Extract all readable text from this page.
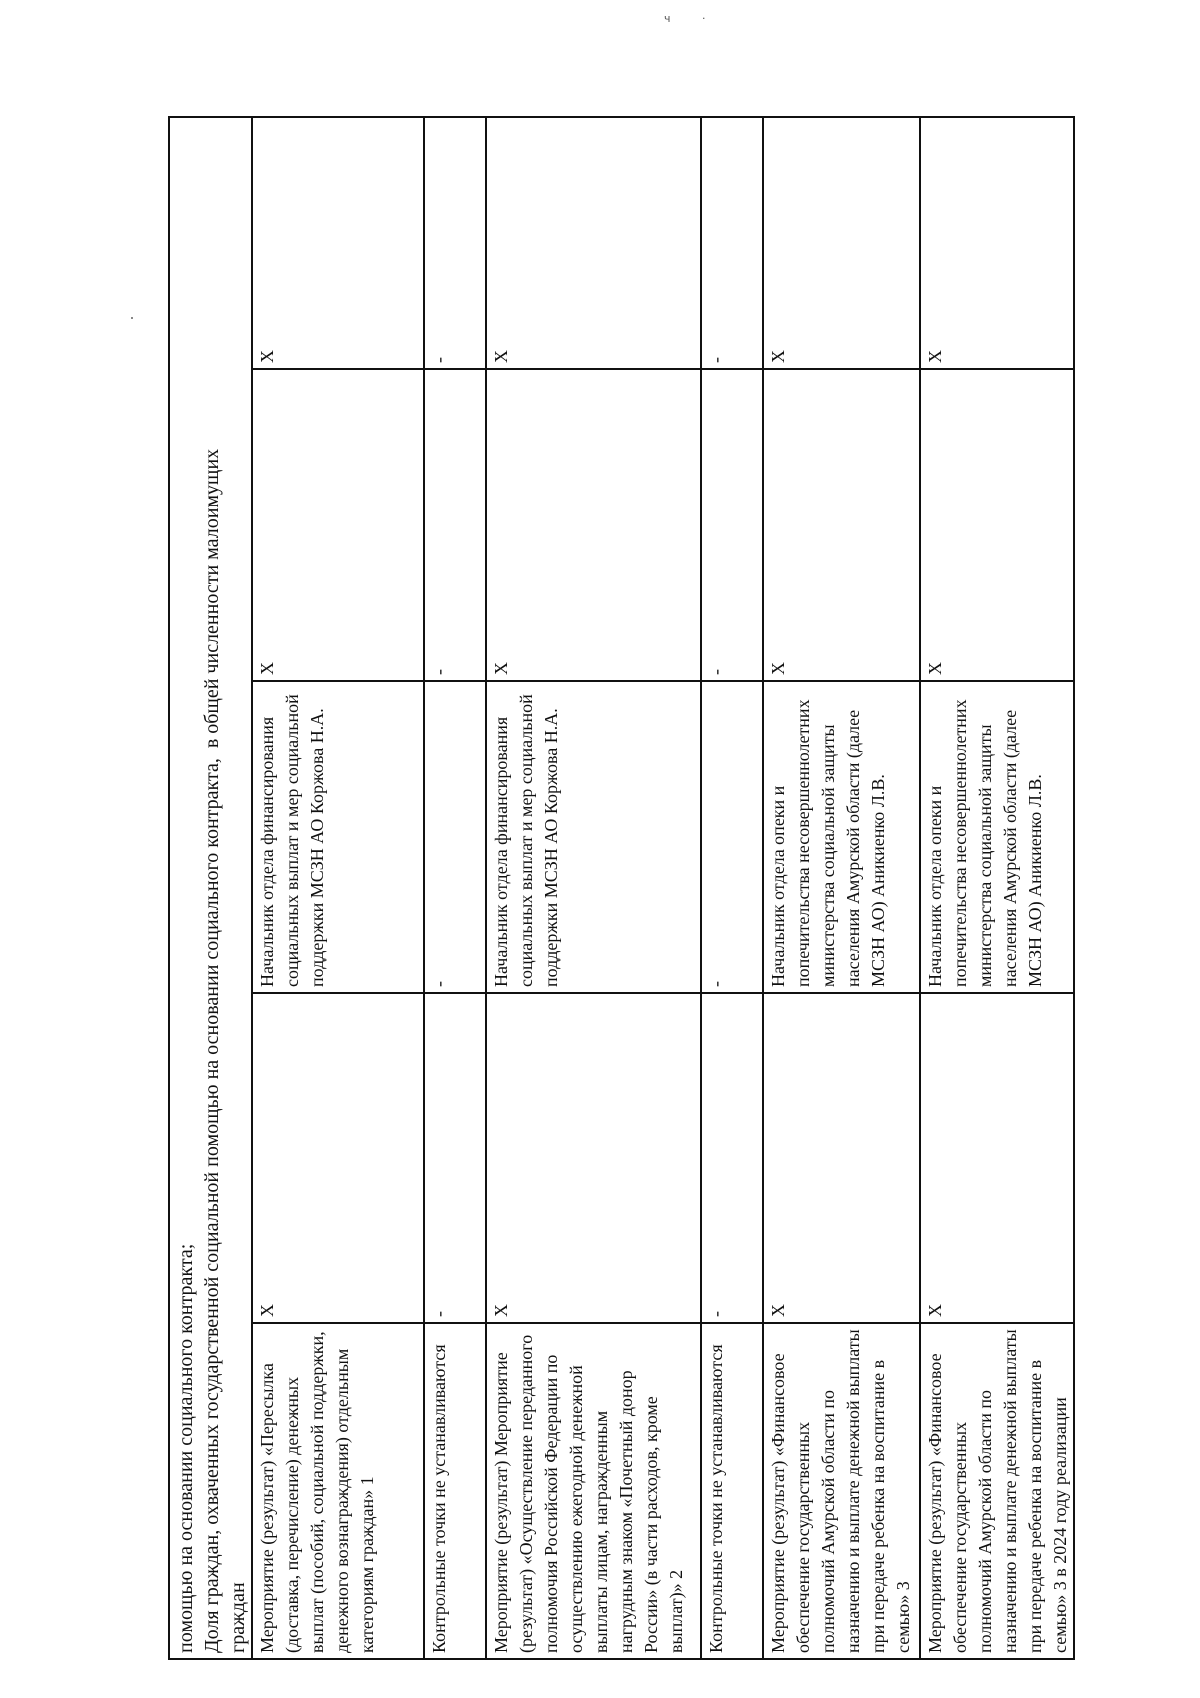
ч ·
помощью на основании социального контракта; Доля граждан, охваченных государственной социальной помощью на основании социального контракта,в общей численности малоимущих
граждан				

Мероприятие (результат) «Пересылка (доставка, перечисление) денежных выплат (пособий, социальной поддержки, денежного вознаграждения) отдельным категориям граждан» 1	X	Начальник отдела финансирования социальных выплат и мер социальной поддержки МСЗН АО Коржова Н.А.	X	X
Контрольные точки не устанавливаются	-	-	-	-
Мероприятие (результат) Мероприятие (результат) «Осуществление переданного полномочия Российской Федерации по осуществлению ежегодной денежной выплаты лицам, награжденным нагрудным знаком «Почетный донор России» (в части расходов, кроме выплат)» 2	X	Начальник отдела финансирования социальных выплат и мер социальной поддержки МСЗН АО Коржова Н.А.	X	X
Контрольные точки не устанавливаются	-	-	-	-
Мероприятие (результат) «Финансовое обеспечение государственных полномочий Амурской области по назначению и выплате денежной выплаты при передаче ребенка на воспитание в семью» 3	X	Начальник отдела опеки и попечительства несовершеннолетних министерства социальной защиты населения Амурской области (далее МСЗН АО) Аникиенко Л.В.	X	X
Мероприятие (результат) «Финансовое обеспечение государственных полномочий Амурской области по назначению и выплате денежной выплаты при передаче ребенка на воспитание в семью» 3 в 2024 году реализации	X	Начальник отдела опеки и попечительства несовершеннолетних министерства социальной защиты населения Амурской области (далее МСЗН АО) Аникиенко Л.В.	X	X
